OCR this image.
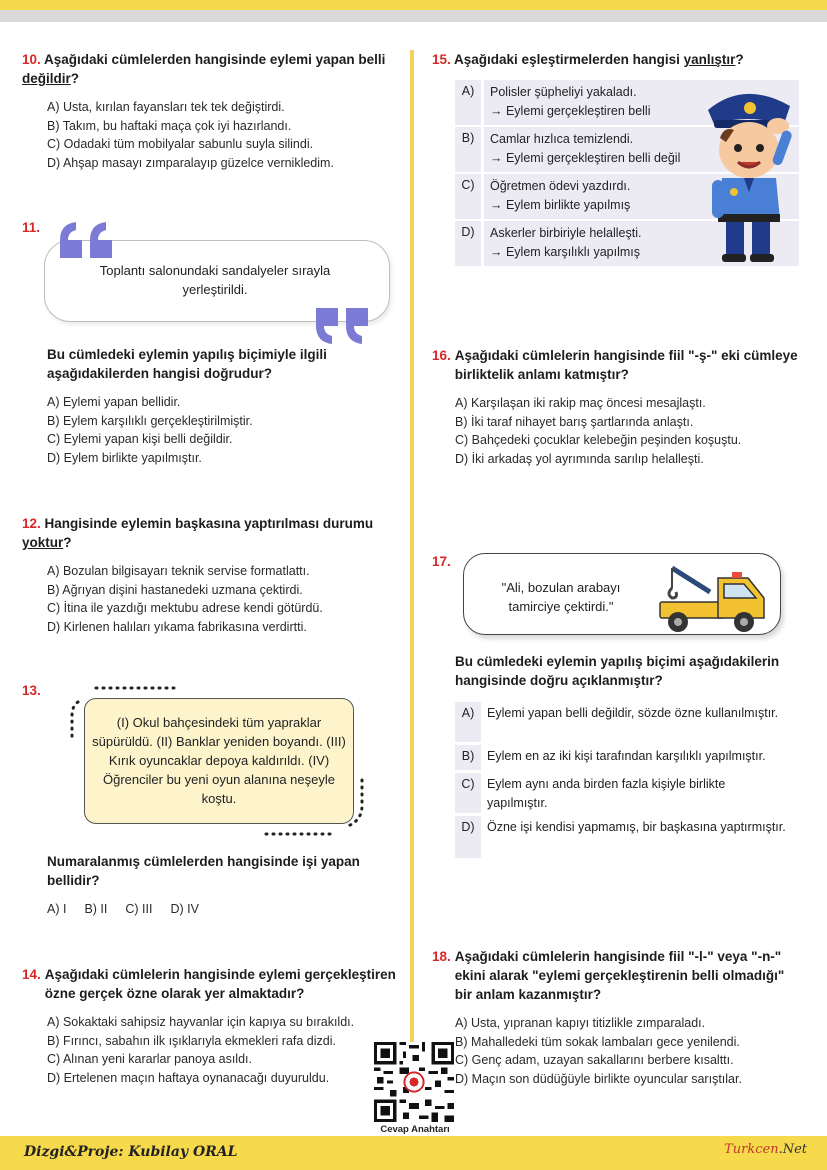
10. Aşağıdaki cümlelerden hangisinde eylemi yapan belli değildir?
A) Usta, kırılan fayansları tek tek değiştirdi.
B) Takım, bu haftaki maça çok iyi hazırlandı.
C) Odadaki tüm mobilyalar sabunlu suyla silindi.
D) Ahşap masayı zımparalayıp güzelce vernikledim.
11.
Toplantı salonundaki sandalyeler sırayla yerleştirildi.
Bu cümledeki eylemin yapılış biçimiyle ilgili aşağıdakilerden hangisi doğrudur?
A) Eylemi yapan bellidir.
B) Eylem karşılıklı gerçekleştirilmiştir.
C) Eylemi yapan kişi belli değildir.
D) Eylem birlikte yapılmıştır.
12. Hangisinde eylemin başkasına yaptırılması durumu yoktur?
A) Bozulan bilgisayarı teknik servise formatlattı.
B) Ağrıyan dişini hastanedeki uzmana çektirdi.
C) İtina ile yazdığı mektubu adrese kendi götürdü.
D) Kirlenen halıları yıkama fabrikasına verdirtti.
13.
(I) Okul bahçesindeki tüm yapraklar süpürüldü. (II) Banklar yeniden boyandı. (III) Kırık oyuncaklar depoya kaldırıldı. (IV) Öğrenciler bu yeni oyun alanına neşeyle koştu.
Numaralanmış cümlelerden hangisinde işi yapan bellidir?
A) I B) II C) III D) IV
14. Aşağıdaki cümlelerin hangisinde eylemi gerçekleştiren özne gerçek özne olarak yer almaktadır?
A) Sokaktaki sahipsiz hayvanlar için kapıya su bırakıldı.
B) Fırıncı, sabahın ilk ışıklarıyla ekmekleri rafa dizdi.
C) Alınan yeni kararlar panoya asıldı.
D) Ertelenen maçın haftaya oynanacağı duyuruldu.
15. Aşağıdaki eşleştirmelerden hangisi yanlıştır?
A)	Polisler şüpheliyi yakaladı.
→ Eylemi gerçekleştiren belli
B)	Camlar hızlıca temizlendi.
→ Eylemi gerçekleştiren belli değil
C)	Öğretmen ödevi yazdırdı.
→ Eylem birlikte yapılmış
D)	Askerler birbiriyle helalleşti.
→ Eylem karşılıklı yapılmış
16. Aşağıdaki cümlelerin hangisinde fiil "-ş-" eki cümleye birliktelik anlamı katmıştır?
A) Karşılaşan iki rakip maç öncesi mesajlaştı.
B) İki taraf nihayet barış şartlarında anlaştı.
C) Bahçedeki çocuklar kelebeğin peşinden koşuştu.
D) İki arkadaş yol ayrımında sarılıp helalleşti.
17.
"Ali, bozulan arabayı tamirciye çektirdi."
Bu cümledeki eylemin yapılış biçimi aşağıdakilerin hangisinde doğru açıklanmıştır?
A)	Eylemi yapan belli değildir, sözde özne kullanılmıştır.
B)	Eylem en az iki kişi tarafından karşılıklı yapılmıştır.
C) Eylem aynı anda birden fazla kişiyle birlikte yapılmıştır.
D) Özne işi kendisi yapmamış, bir başkasına yaptırmıştır.
18. Aşağıdaki cümlelerin hangisinde fiil "-l-" veya "-n-" ekini alarak "eylemi gerçekleştirenin belli olmadığı" bir anlam kazanmıştır?
A) Usta, yıpranan kapıyı titizlikle zımparaladı.
B) Mahalledeki tüm sokak lambaları gece yenilendi.
C) Genç adam, uzayan sakallarını berbere kısalttı.
D) Maçın son düdüğüyle birlikte oyuncular sarıştılar.
Cevap Anahtarı
Dizgi&Proje: Kubilay ORAL	Turkcen.Net
